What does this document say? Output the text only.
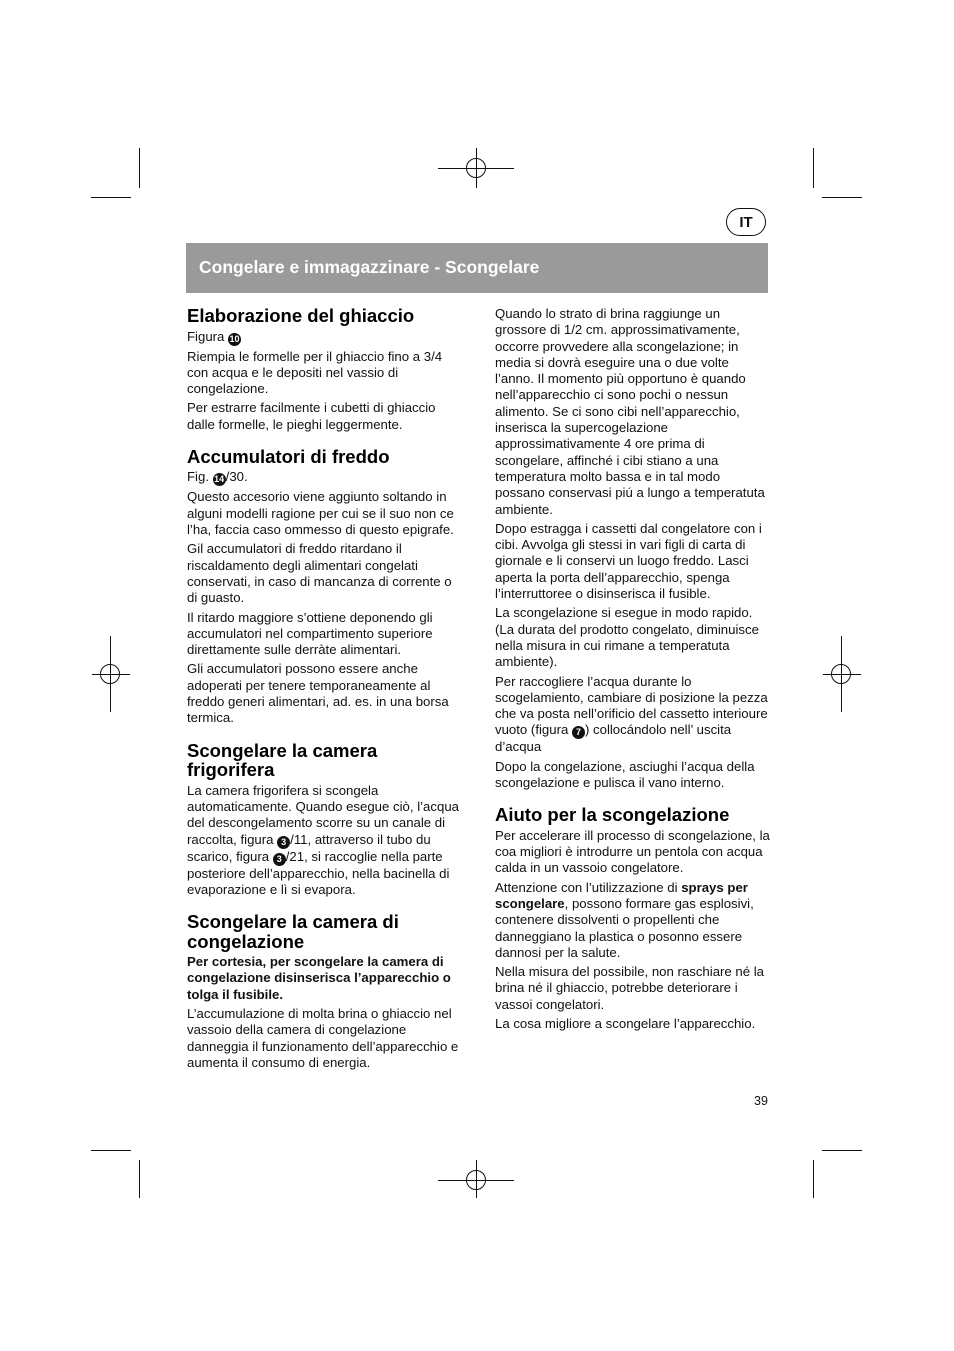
IT
Congelare e immagazzinare - Scongelare
Elaborazione del ghiaccio

Figura 10

Riempia le formelle per il ghiaccio fino a 3/4 con acqua e le depositi nel vassio di congelazione.

Per estrarre facilmente i cubetti di ghiaccio dalle formelle, le pieghi leggermente.

Accumulatori di freddo

Fig. 14 /30.

Questo accesorio viene aggiunto soltando in alguni modelli ragione per cui se il suo non ce l’ha, faccia caso ommesso di questo epigrafe.

Gil accumulatori di freddo ritardano il riscaldamento degli alimentari congelati conservati, in caso di mancanza di corrente o di guasto.

Il ritardo maggiore s’ottiene deponendo gli accumulatori nel compartimento superiore direttamente sulle derràte alimentari.

Gli accumulatori possono essere anche adoperati per tenere temporaneamente al freddo generi alimentari, ad. es. in una borsa termica.

Scongelare la camera frigorifera

La camera frigorifera si scongela automaticamente. Quando esegue ciò, l’acqua del descongelamento scorre su un canale di raccolta, figura 3 /11, attraverso il tubo du scarico, figura 3 /21, si raccoglie nella parte posteriore dell’apparecchio, nella bacinella di evaporazione e lì si evapora.

Scongelare la camera di congelazione

Per cortesia, per scongelare la camera di congelazione disinserisca l’apparecchio o tolga il fusibile.

L’accumulazione di molta brina o ghiaccio nel vassoio della camera di congelazione danneggia il funzionamento dell’apparecchio e aumenta il consumo di energia.

Quando lo strato di brina raggiunge un grossore di 1/2 cm. approssimativamente, occorre provvedere alla scongelazione; in media si dovrà eseguire una o due volte l’anno. Il momento più opportuno è quando nell’apparecchio ci sono pochi o nessun alimento. Se ci sono cibi nell’apparecchio, inserisca la supercogelazione approssimativamente 4 ore prima di scongelare, affinché i cibi stiano a una temperatura molto bassa e in tal modo possano conservasi piú a lungo a temperatuta ambiente.

Dopo estragga i cassetti dal congelatore con i cibi. Avvolga gli stessi in vari figli di carta di giornale e li conservi un luogo freddo. Lasci aperta la porta dell’apparecchio, spenga l’interruttoree o disinserisca il fusible.

La scongelazione si esegue in modo rapido. (La durata del prodotto congelato, diminuisce nella misura in cui rimane a temperatuta ambiente).

Per raccogliere l’acqua durante lo scogelamiento, cambiare di posizione la pezza che va posta nell’orificio del cassetto interioure vuoto (figura 7 ) collocándolo nell’ uscita d’acqua

Dopo la congelazione, asciughi l’acqua della scongelazione e pulisca il vano interno.

Aiuto per la scongelazione

Per accelerare ill processo di scongelazione, la coa migliori è introdurre un pentola con acqua calda in un vassoio congelatore.

Attenzione con l’utilizzazione di sprays per scongelare, possono formare gas esplosivi, contenere dissolventi o propellenti che danneggiano la plastica o posonno essere dannosi per la salute.

Nella misura del possibile, non raschiare né la brina né il ghiaccio, potrebbe deteriorare i vassoi congelatori.

La cosa migliore a scongelare l’apparecchio.

39
